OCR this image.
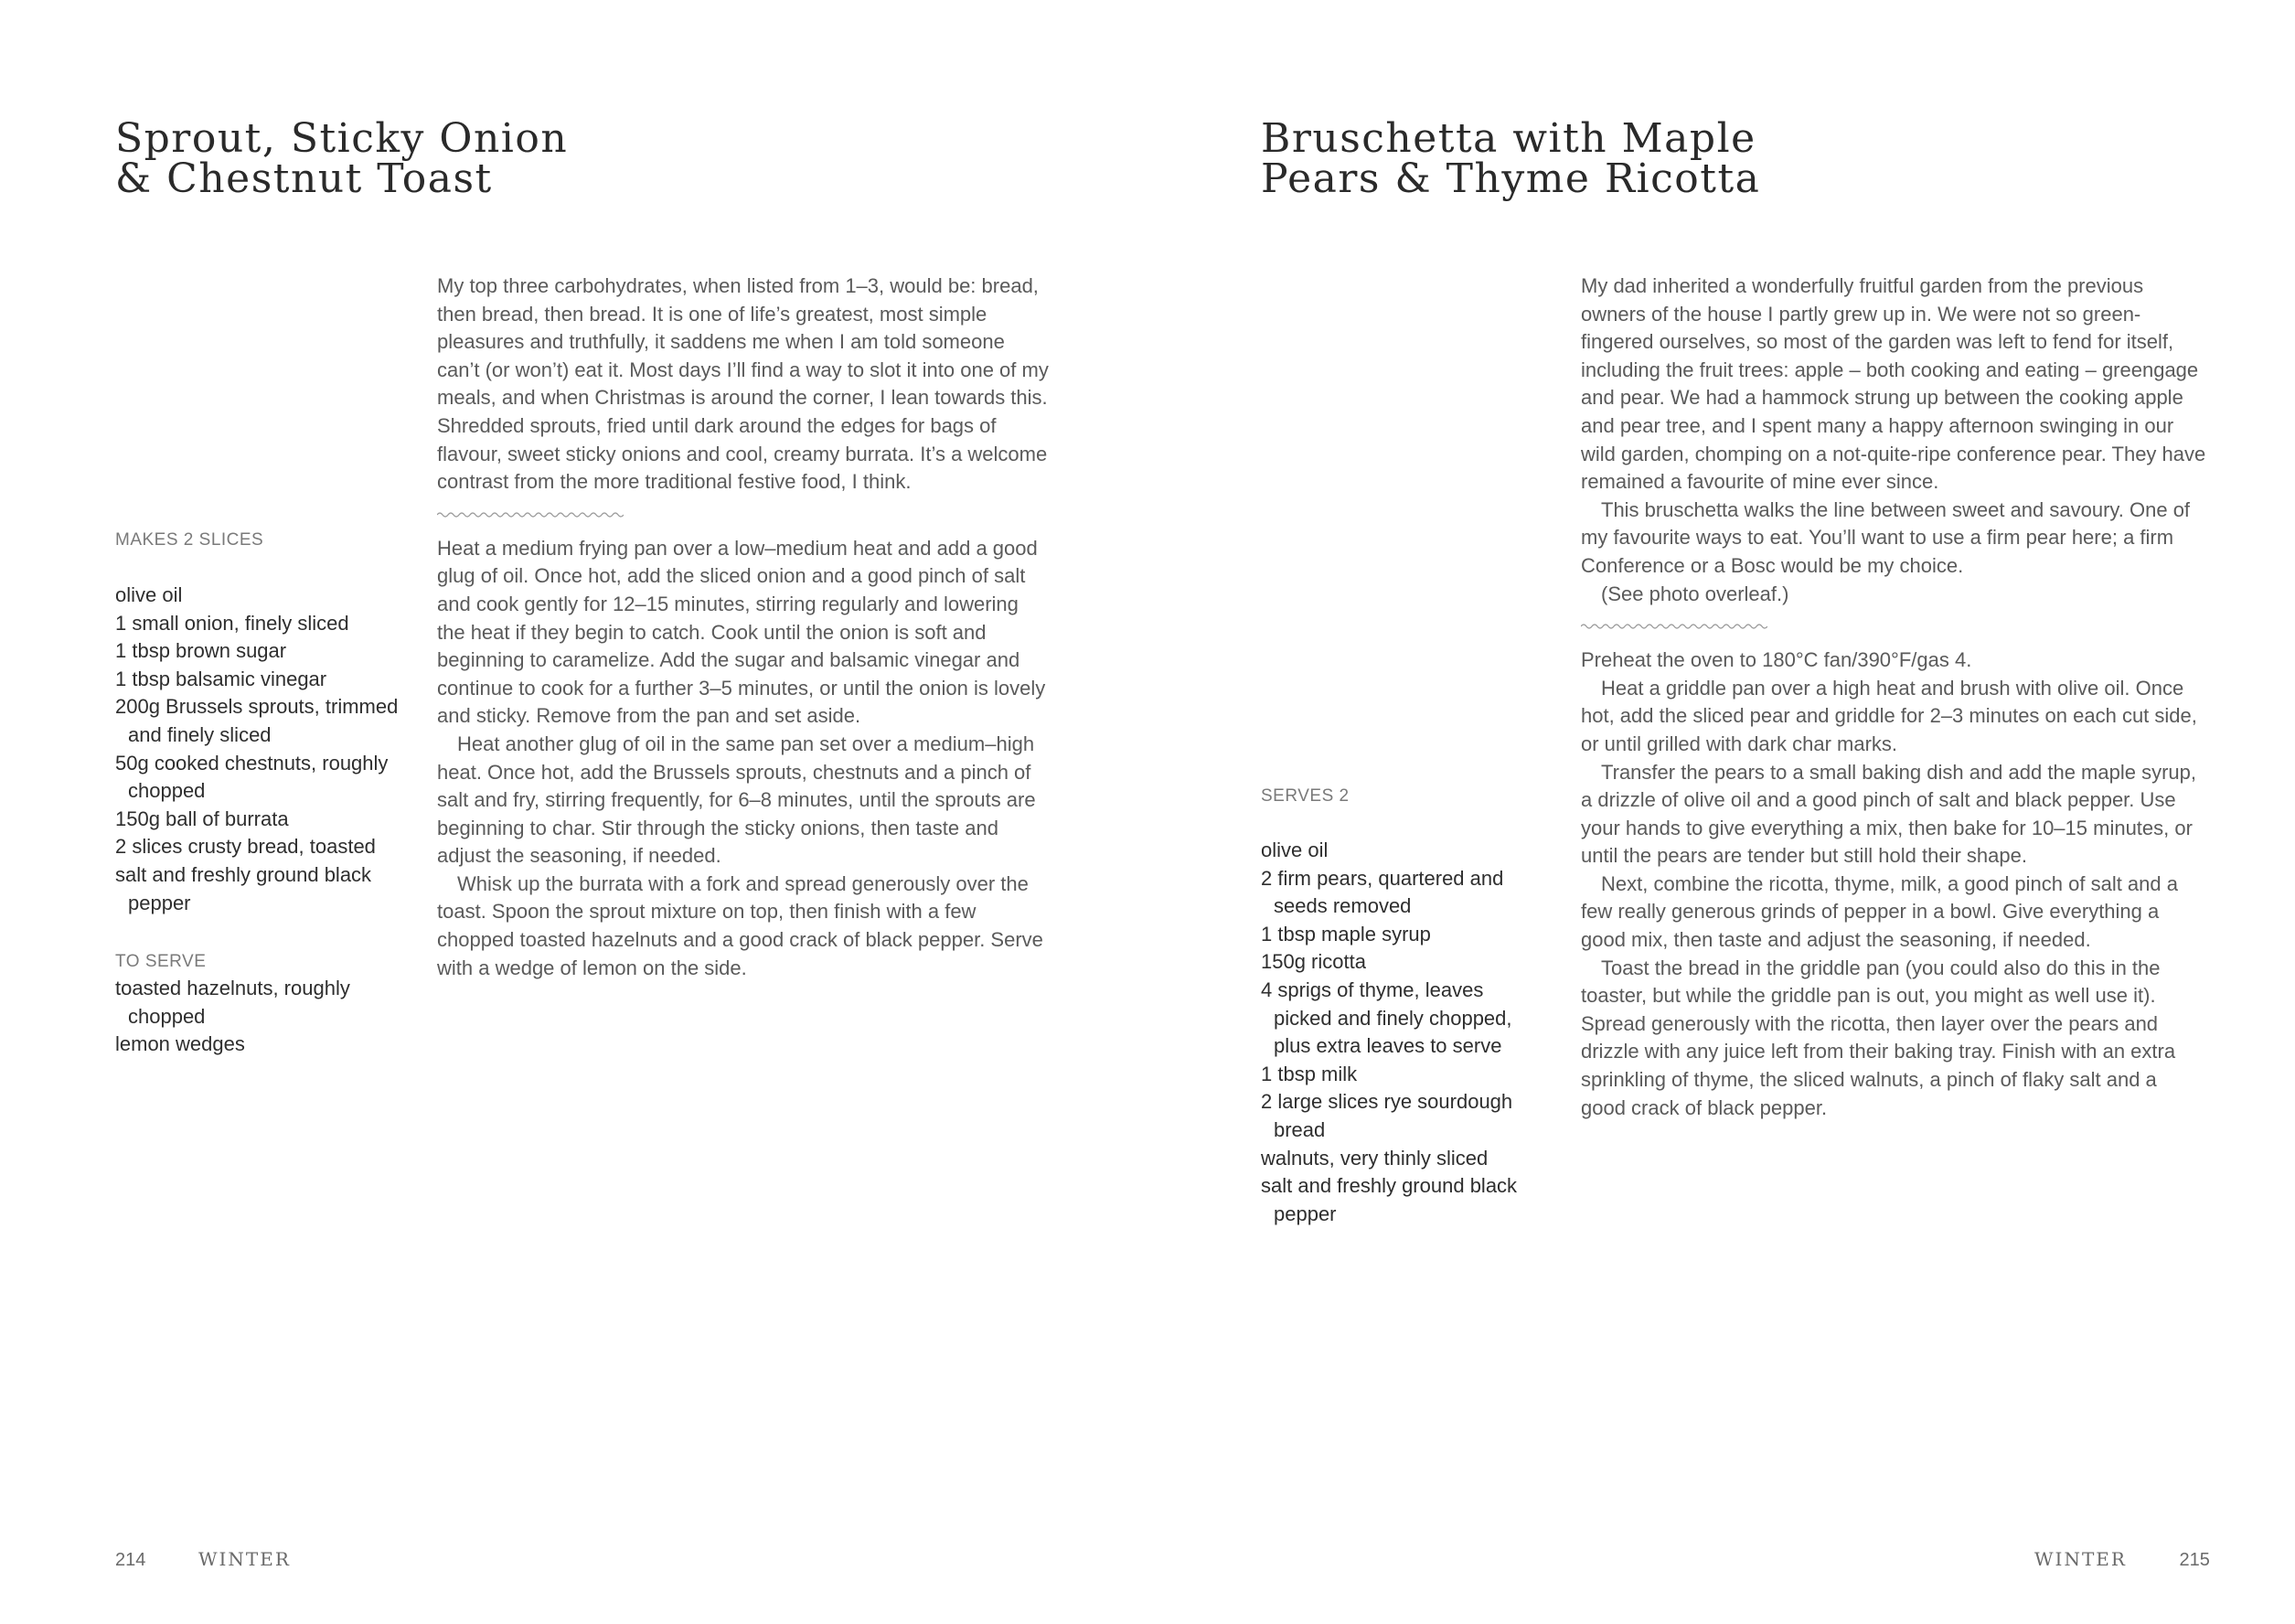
Sprout, Sticky Onion
& Chestnut Toast

My top three carbohydrates, when listed from 1–3, would be: bread, then bread, then bread. It is one of life’s greatest, most simple pleasures and truthfully, it saddens me when I am told someone can’t (or won’t) eat it. Most days I’ll find a way to slot it into one of my meals, and when Christmas is around the corner, I lean towards this. Shredded sprouts, fried until dark around the edges for bags of flavour, sweet sticky onions and cool, creamy burrata. It’s a welcome contrast from the more traditional festive food, I think.

Heat a medium frying pan over a low–medium heat and add a good glug of oil. Once hot, add the sliced onion and a good pinch of salt and cook gently for 12–15 minutes, stirring regularly and lowering the heat if they begin to catch. Cook until the onion is soft and beginning to caramelize. Add the sugar and balsamic vinegar and continue to cook for a further 3–5 minutes, or until the onion is lovely and sticky. Remove from the pan and set aside.

Heat another glug of oil in the same pan set over a medium–high heat. Once hot, add the Brussels sprouts, chestnuts and a pinch of salt and fry, stirring frequently, for 6–8 minutes, until the sprouts are beginning to char. Stir through the sticky onions, then taste and adjust the seasoning, if needed.

Whisk up the burrata with a fork and spread generously over the toast. Spoon the sprout mixture on top, then finish with a few chopped toasted hazelnuts and a good crack of black pepper. Serve with a wedge of lemon on the side.

MAKES 2 SLICES

olive oil
1 small onion, finely sliced
1 tbsp brown sugar
1 tbsp balsamic vinegar
200g Brussels sprouts, trimmed and finely sliced
50g cooked chestnuts, roughly chopped
150g ball of burrata
2 slices crusty bread, toasted
salt and freshly ground black pepper

TO SERVE

toasted hazelnuts, roughly chopped
lemon wedges
214	WINTER
Bruschetta with Maple
Pears & Thyme Ricotta

My dad inherited a wonderfully fruitful garden from the previous owners of the house I partly grew up in. We were not so green-fingered ourselves, so most of the garden was left to fend for itself, including the fruit trees: apple – both cooking and eating – greengage and pear. We had a hammock strung up between the cooking apple and pear tree, and I spent many a happy afternoon swinging in our wild garden, chomping on a not-quite-ripe conference pear. They have remained a favourite of mine ever since.

This bruschetta walks the line between sweet and savoury. One of my favourite ways to eat. You’ll want to use a firm pear here; a firm Conference or a Bosc would be my choice.

(See photo overleaf.)

Preheat the oven to 180°C fan/390°F/gas 4.

Heat a griddle pan over a high heat and brush with olive oil. Once hot, add the sliced pear and griddle for 2–3 minutes on each cut side, or until grilled with dark char marks.

Transfer the pears to a small baking dish and add the maple syrup, a drizzle of olive oil and a good pinch of salt and black pepper. Use your hands to give everything a mix, then bake for 10–15 minutes, or until the pears are tender but still hold their shape.

Next, combine the ricotta, thyme, milk, a good pinch of salt and a few really generous grinds of pepper in a bowl. Give everything a good mix, then taste and adjust the seasoning, if needed.

Toast the bread in the griddle pan (you could also do this in the toaster, but while the griddle pan is out, you might as well use it). Spread generously with the ricotta, then layer over the pears and drizzle with any juice left from their baking tray. Finish with an extra sprinkling of thyme, the sliced walnuts, a pinch of flaky salt and a good crack of black pepper.

SERVES 2

olive oil
2 firm pears, quartered and seeds removed
1 tbsp maple syrup
150g ricotta
4 sprigs of thyme, leaves picked and finely chopped, plus extra leaves to serve
1 tbsp milk
2 large slices rye sourdough bread
walnuts, very thinly sliced
salt and freshly ground black pepper
WINTER	215
